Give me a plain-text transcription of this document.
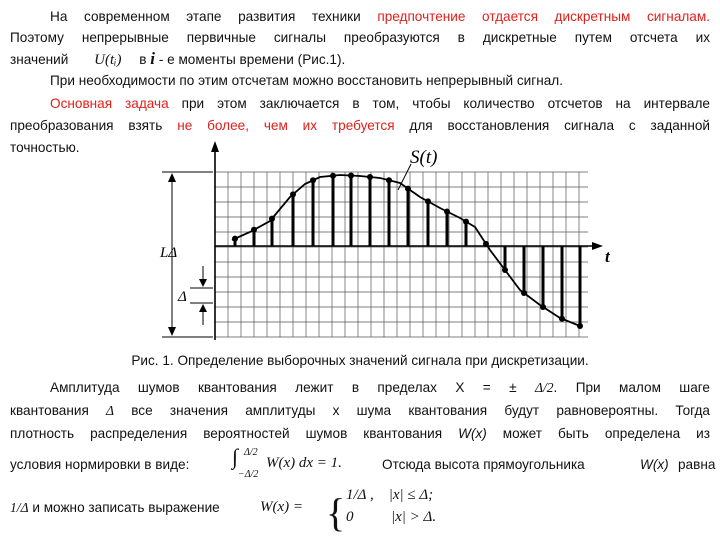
На современном этапе развития техники предпочтение отдается дискретным сигналам.
Поэтому непрерывные первичные сигналы преобразуются в дискретные путем отсчета их
значений U(tᵢ) в i - е моменты времени (Рис.1).
При необходимости по этим отсчетам можно восстановить непрерывный сигнал.
Основная задача при этом заключается в том, чтобы количество отсчетов на интервале
преобразования взять не более, чем их требуется для восстановления сигнала с заданной
точностью.
t
LΔ
Δ
S(t)
Рис. 1. Определение выборочных значений сигнала при дискретизации.
Амплитуда шумов квантования лежит в пределах X = ± Δ/2. При малом шаге
квантования Δ все значения амплитуды x шума квантования будут равновероятны. Тогда
плотность распределения вероятностей шумов квантования W(x) может быть определена из
условия нормировки в виде: ∫ Δ/2
−Δ/2
W(x) dx = 1.	Отсюда высота прямоугольника	W(x) равна
1/Δ и можно записать выражение	W(x) = { 1/Δ ,    |x| ≤ Δ;
0          |x| > Δ.
